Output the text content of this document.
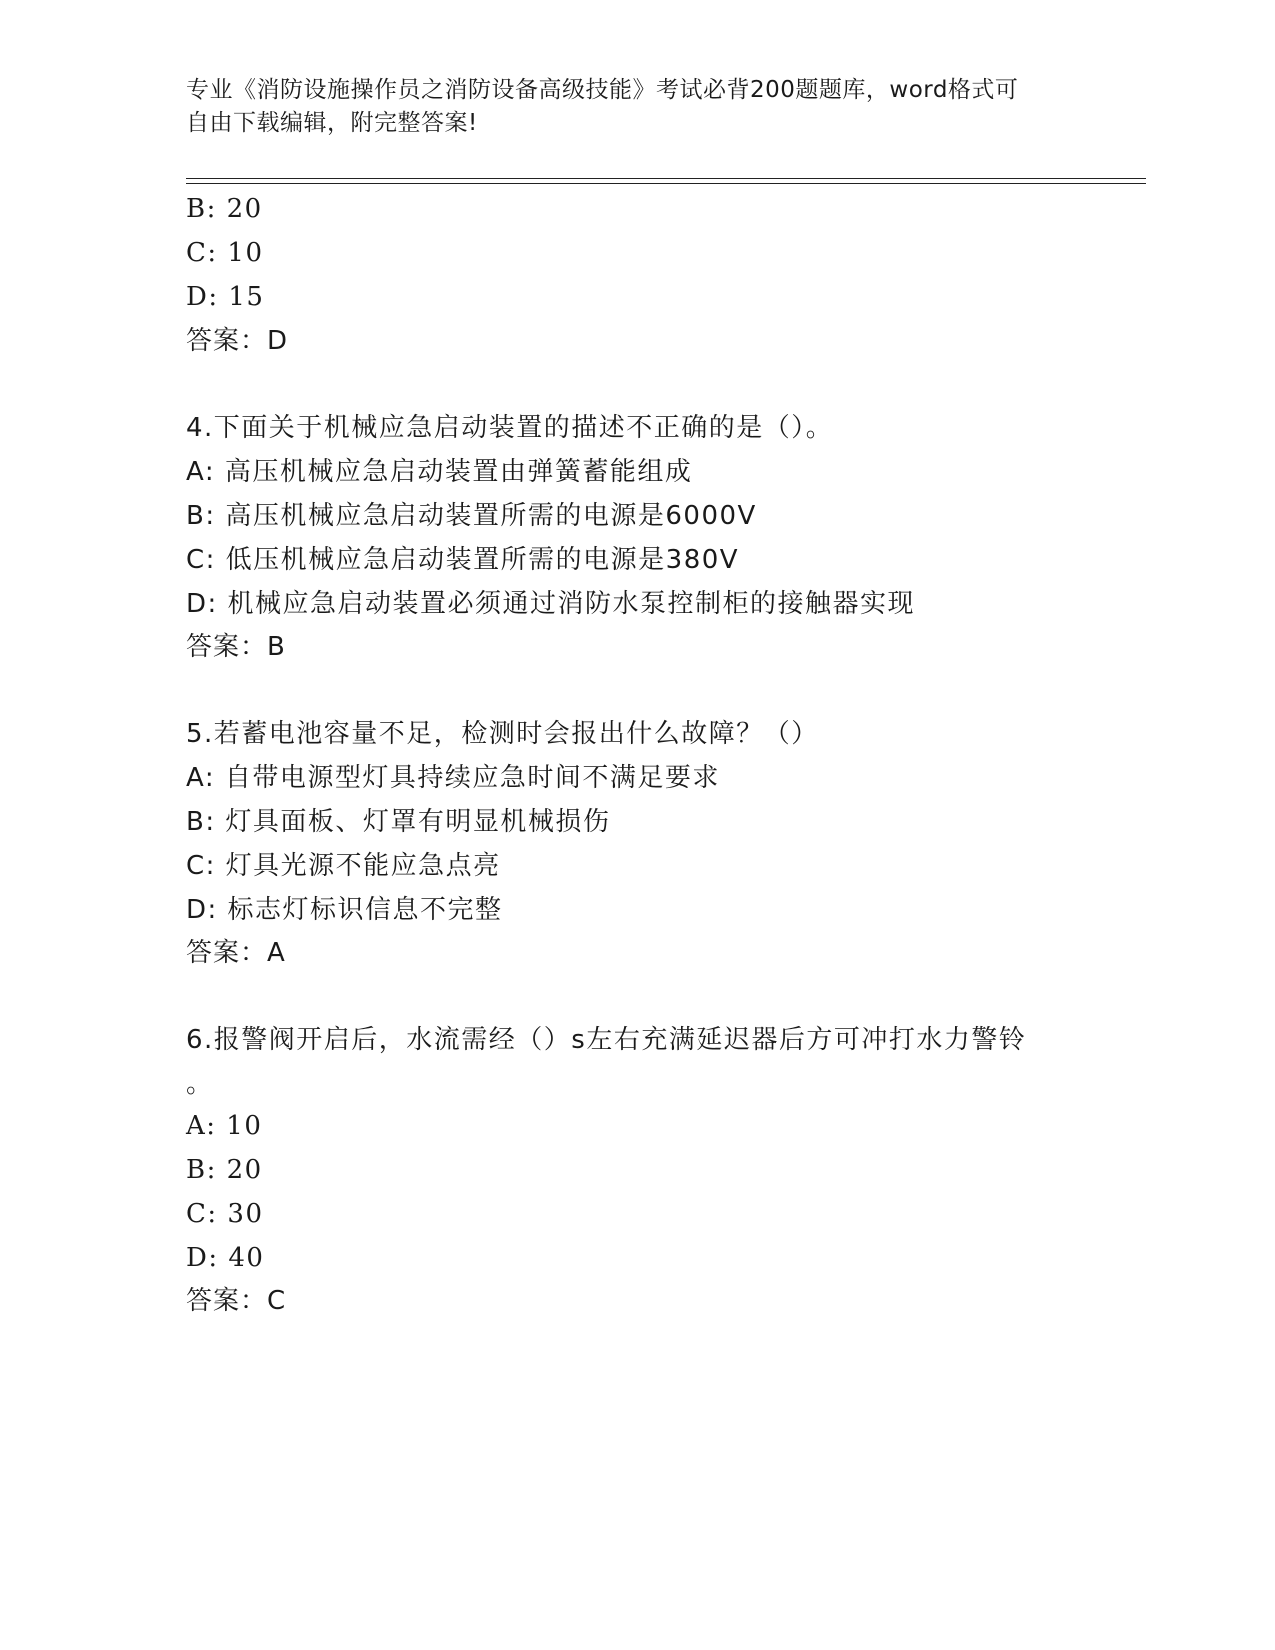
专业《消防设施操作员之消防设备高级技能》考试必背200题题库，word格式可
自由下载编辑，附完整答案!
B: 20
C: 10
D: 15
答案：D
4.下面关于机械应急启动装置的描述不正确的是（）。
A: 高压机械应急启动装置由弹簧蓄能组成
B: 高压机械应急启动装置所需的电源是6000V
C: 低压机械应急启动装置所需的电源是380V
D: 机械应急启动装置必须通过消防水泵控制柜的接触器实现
答案：B
5.若蓄电池容量不足，检测时会报出什么故障？（）
A: 自带电源型灯具持续应急时间不满足要求
B: 灯具面板、灯罩有明显机械损伤
C: 灯具光源不能应急点亮
D: 标志灯标识信息不完整
答案：A
6.报警阀开启后，水流需经（）s左右充满延迟器后方可冲打水力警铃
。
A: 10
B: 20
C: 30
D: 40
答案：C
